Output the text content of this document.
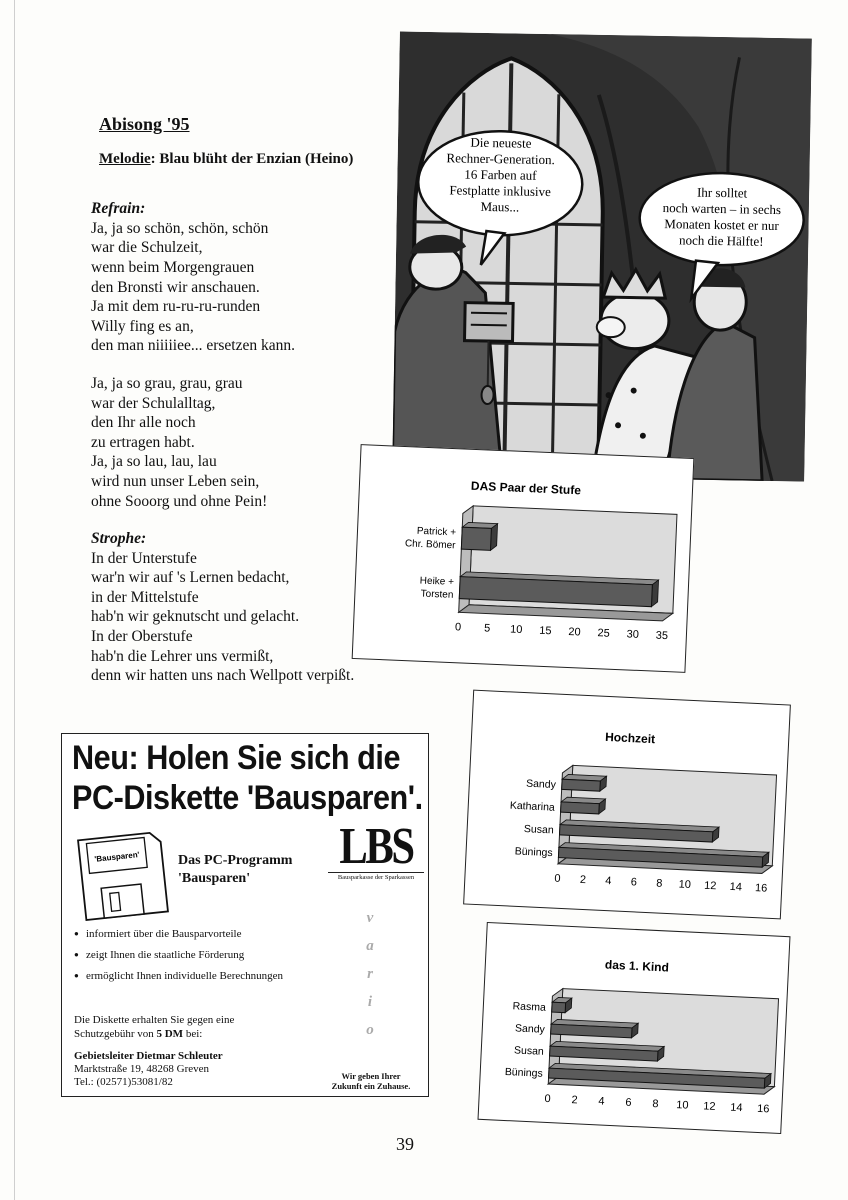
Abisong '95
Melodie: Blau blüht der Enzian (Heino)
Refrain:
Ja, ja so schön, schön, schön
war die Schulzeit,
wenn beim Morgengrauen
den Bronsti wir anschauen.
Ja mit dem ru-ru-ru-runden
Willy fing es an,
den man niiiiiee... ersetzen kann.
Ja, ja so grau, grau, grau
war der Schulalltag,
den Ihr alle noch
zu ertragen habt.
Ja, ja so lau, lau, lau
wird nun unser Leben sein,
ohne Sooorg und ohne Pein!
Strophe:
In der Unterstufe
war'n wir auf 's Lernen bedacht,
in der Mittelstufe
hab'n wir geknutscht und gelacht.
In der Oberstufe
hab'n die Lehrer uns vermißt,
denn wir hatten uns nach Wellpott verpißt.
Die neueste
Rechner-Generation.
16 Farben auf
Festplatte inklusive
Maus...
Ihr solltet
noch warten – in sechs
Monaten kostet er nur
noch die Hälfte!
DAS Paar der Stufe
Patrick +
Chr. Bömer
Heike +
Torsten
0 5 10 15 20 25 30 35
Hochzeit
Sandy
Katharina
Susan
Bünings
0 2 4 6 8 10 12 14 16
das 1. Kind
Rasma
Sandy
Susan
Bünings
0 2 4 6 8 10 12 14 16
Neu: Holen Sie sich die
PC-Diskette 'Bausparen'.
'Bausparen'	Das PC-Programm
'Bausparen'
LBS
Bausparkasse der Sparkassen
v
a
r
i
o
● informiert über die Bausparvorteile
● zeigt Ihnen die staatliche Förderung
● ermöglicht Ihnen individuelle Berechnungen
Die Diskette erhalten Sie gegen eine
Schutzgebühr von 5 DM bei:
Gebietsleiter Dietmar Schleuter
Marktstraße 19, 48268 Greven
Tel.: (02571)53081/82	Wir geben Ihrer
Zukunft ein Zuhause.
39
